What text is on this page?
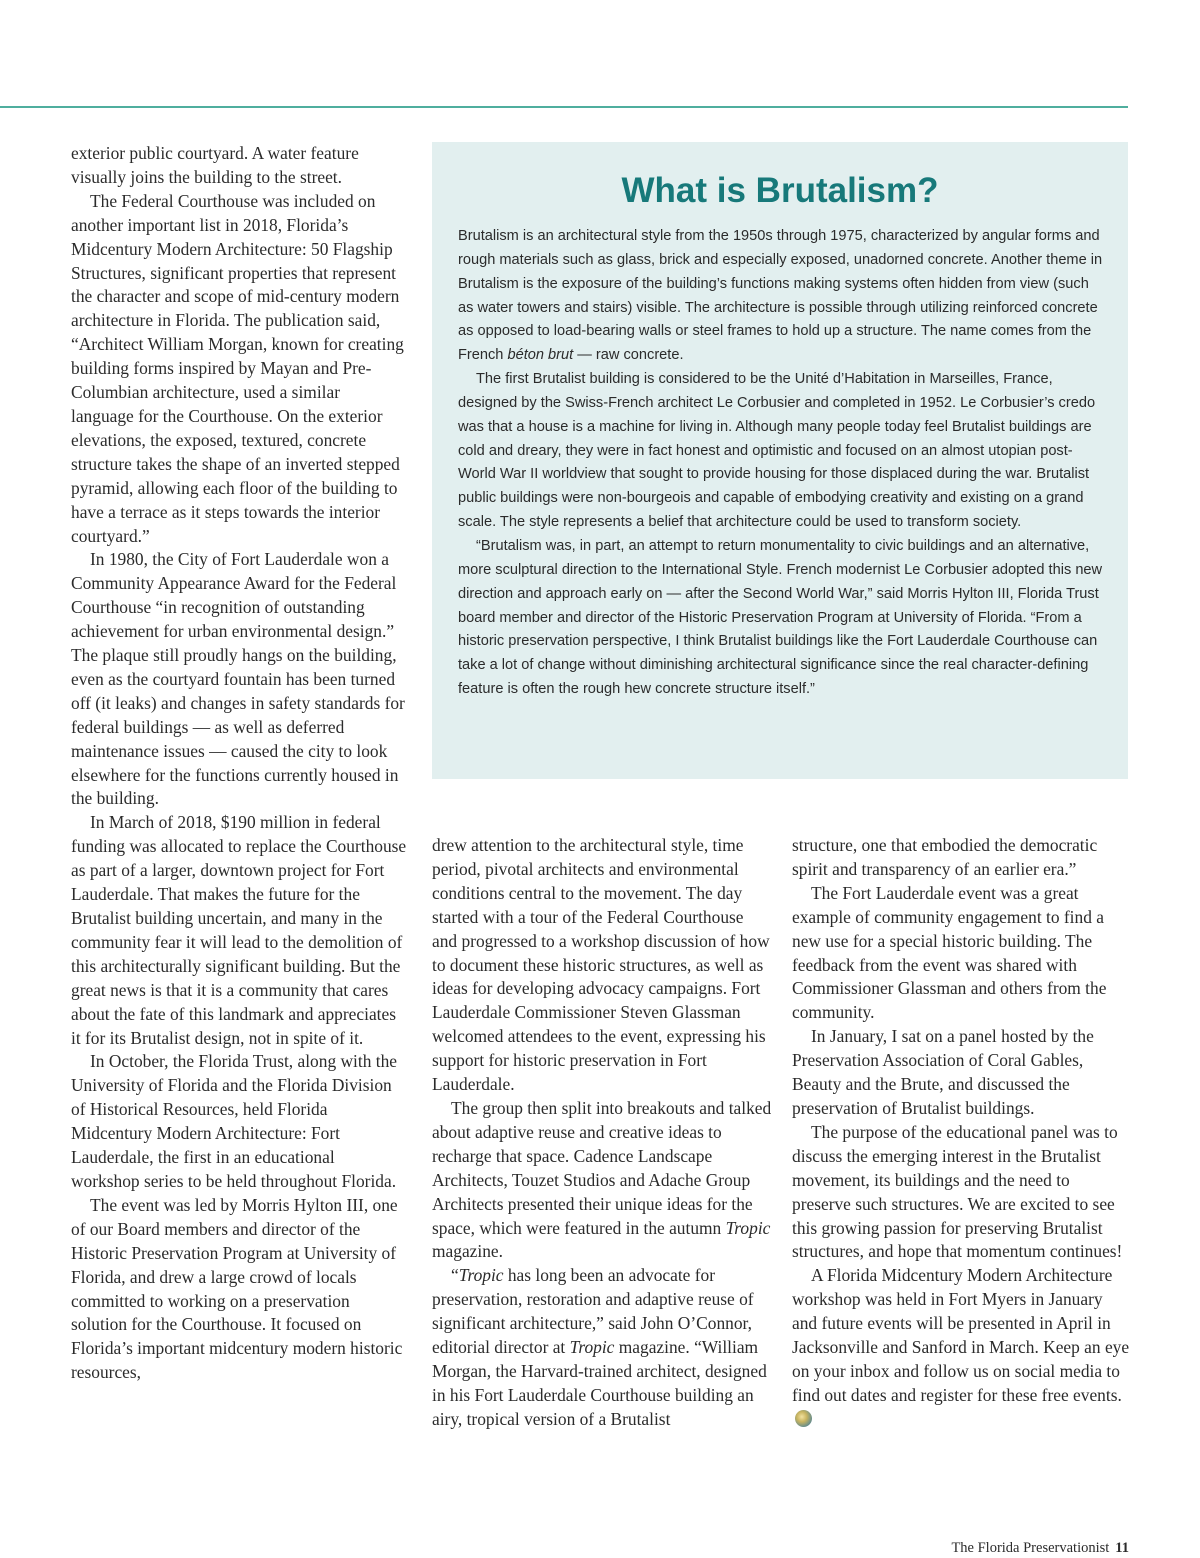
exterior public courtyard. A water feature visually joins the building to the street.

The Federal Courthouse was included on another important list in 2018, Florida’s Midcentury Modern Architecture: 50 Flagship Structures, significant properties that represent the character and scope of mid-century modern architecture in Florida. The publication said, “Architect William Morgan, known for creating building forms inspired by Mayan and Pre-Columbian architecture, used a similar language for the Courthouse. On the exterior elevations, the exposed, textured, concrete structure takes the shape of an inverted stepped pyramid, allowing each floor of the building to have a terrace as it steps towards the interior courtyard.”

In 1980, the City of Fort Lauderdale won a Community Appearance Award for the Federal Courthouse “in recognition of outstanding achievement for urban environmental design.” The plaque still proudly hangs on the building, even as the courtyard fountain has been turned off (it leaks) and changes in safety standards for federal buildings — as well as deferred maintenance issues — caused the city to look elsewhere for the functions currently housed in the building.

In March of 2018, $190 million in federal funding was allocated to replace the Courthouse as part of a larger, downtown project for Fort Lauderdale. That makes the future for the Brutalist building uncertain, and many in the community fear it will lead to the demolition of this architecturally significant building. But the great news is that it is a community that cares about the fate of this landmark and appreciates it for its Brutalist design, not in spite of it.

In October, the Florida Trust, along with the University of Florida and the Florida Division of Historical Resources, held Florida Midcentury Modern Architecture: Fort Lauderdale, the first in an educational workshop series to be held throughout Florida.

The event was led by Morris Hylton III, one of our Board members and director of the Historic Preservation Program at University of Florida, and drew a large crowd of locals committed to working on a preservation solution for the Courthouse. It focused on Florida’s important midcentury modern historic resources,

What is Brutalism?

Brutalism is an architectural style from the 1950s through 1975, characterized by angular forms and rough materials such as glass, brick and especially exposed, unadorned concrete. Another theme in Brutalism is the exposure of the building’s functions making systems often hidden from view (such as water towers and stairs) visible. The architecture is possible through utilizing reinforced concrete as opposed to load-bearing walls or steel frames to hold up a structure. The name comes from the French béton brut — raw concrete.

The first Brutalist building is considered to be the Unité d’Habitation in Marseilles, France, designed by the Swiss-French architect Le Corbusier and completed in 1952. Le Corbusier’s credo was that a house is a machine for living in. Although many people today feel Brutalist buildings are cold and dreary, they were in fact honest and optimistic and focused on an almost utopian post-World War II worldview that sought to provide housing for those displaced during the war. Brutalist public buildings were non-bourgeois and capable of embodying creativity and existing on a grand scale. The style represents a belief that architecture could be used to transform society.

“Brutalism was, in part, an attempt to return monumentality to civic buildings and an alternative, more sculptural direction to the International Style. French modernist Le Corbusier adopted this new direction and approach early on — after the Second World War,” said Morris Hylton III, Florida Trust board member and director of the Historic Preservation Program at University of Florida. “From a historic preservation perspective, I think Brutalist buildings like the Fort Lauderdale Courthouse can take a lot of change without diminishing architectural significance since the real character-defining feature is often the rough hew concrete structure itself.”

drew attention to the architectural style, time period, pivotal architects and environmental conditions central to the movement. The day started with a tour of the Federal Courthouse and progressed to a workshop discussion of how to document these historic structures, as well as ideas for developing advocacy campaigns. Fort Lauderdale Commissioner Steven Glassman welcomed attendees to the event, expressing his support for historic preservation in Fort Lauderdale.

The group then split into breakouts and talked about adaptive reuse and creative ideas to recharge that space. Cadence Landscape Architects, Touzet Studios and Adache Group Architects presented their unique ideas for the space, which were featured in the autumn Tropic magazine.

“Tropic has long been an advocate for preservation, restoration and adaptive reuse of significant architecture,” said John O’Connor, editorial director at Tropic magazine. “William Morgan, the Harvard-trained architect, designed in his Fort Lauderdale Courthouse building an airy, tropical version of a Brutalist

structure, one that embodied the democratic spirit and transparency of an earlier era.”

The Fort Lauderdale event was a great example of community engagement to find a new use for a special historic building. The feedback from the event was shared with Commissioner Glassman and others from the community.

In January, I sat on a panel hosted by the Preservation Association of Coral Gables, Beauty and the Brute, and discussed the preservation of Brutalist buildings.

The purpose of the educational panel was to discuss the emerging interest in the Brutalist movement, its buildings and the need to preserve such structures. We are excited to see this growing passion for preserving Brutalist structures, and hope that momentum continues!

A Florida Midcentury Modern Architecture workshop was held in Fort Myers in January and future events will be presented in April in Jacksonville and Sanford in March. Keep an eye on your inbox and follow us on social media to find out dates and register for these free events.

The Florida Preservationist 11
